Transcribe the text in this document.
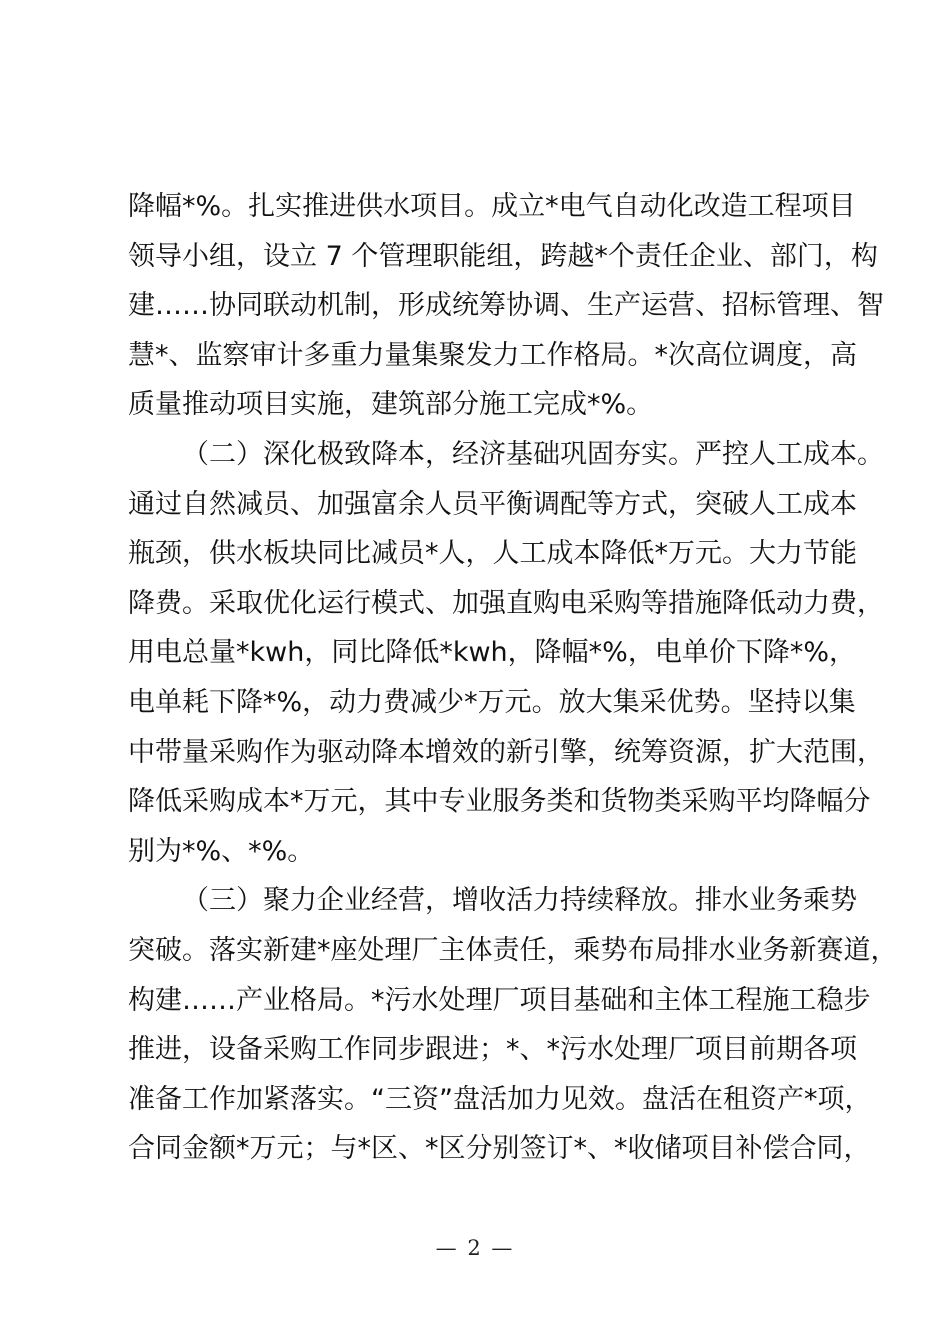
降幅*%。扎实推进供水项目。成立*电气自动化改造工程项目
领导小组，设立 7 个管理职能组，跨越*个责任企业、部门，构
建……协同联动机制，形成统筹协调、生产运营、招标管理、智
慧*、监察审计多重力量集聚发力工作格局。*次高位调度，高
质量推动项目实施，建筑部分施工完成*%。
（二）深化极致降本，经济基础巩固夯实。严控人工成本。
通过自然减员、加强富余人员平衡调配等方式，突破人工成本
瓶颈，供水板块同比减员*人，人工成本降低*万元。大力节能
降费。采取优化运行模式、加强直购电采购等措施降低动力费，
用电总量*kwh，同比降低*kwh，降幅*%，电单价下降*%，
电单耗下降*%，动力费减少*万元。放大集采优势。坚持以集
中带量采购作为驱动降本增效的新引擎，统筹资源，扩大范围，
降低采购成本*万元，其中专业服务类和货物类采购平均降幅分
别为*%、*%。
（三）聚力企业经营，增收活力持续释放。排水业务乘势
突破。落实新建*座处理厂主体责任，乘势布局排水业务新赛道，
构建……产业格局。*污水处理厂项目基础和主体工程施工稳步
推进，设备采购工作同步跟进；*、*污水处理厂项目前期各项
准备工作加紧落实。“三资”盘活加力见效。盘活在租资产*项，
合同金额*万元；与*区、*区分别签订*、*收储项目补偿合同，
— 2 —
